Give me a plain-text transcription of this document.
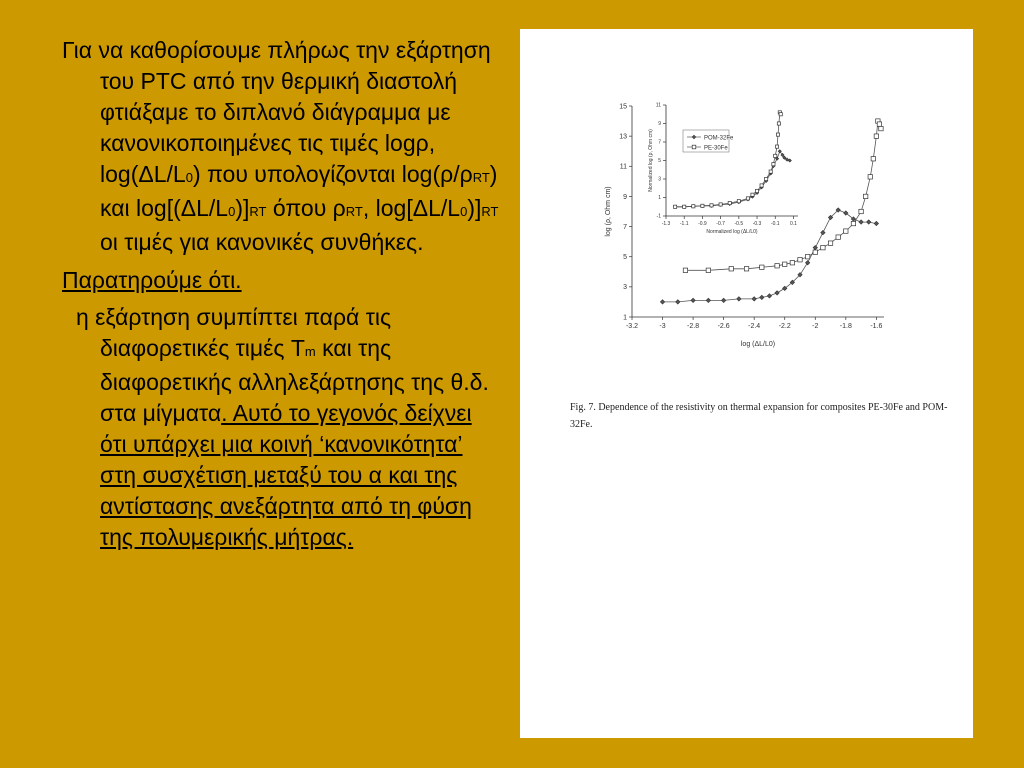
Για να καθορίσουμε πλήρως την εξάρτηση του PTC από την θερμική διαστολή φτιάξαμε το διπλανό διάγραμμα με κανονικοποιημένες τις τιμές logρ, log(ΔL/L0) που υπολογίζονται log(ρ/ρRT) και log[(ΔL/L0)]RT όπου ρRT, log[ΔL/L0)]RT οι τιμές για κανονικές συνθήκες.

Παρατηρούμε ότι.

η εξάρτηση συμπίπτει παρά τις διαφορετικές τιμές Tm και της διαφορετικής αλληλεξάρτησης της θ.δ. στα μίγματα. Αυτό το γεγονός δείχνει ότι υπάρχει μια κοινή ‘κανονικότητα’ στη συσχέτιση μεταξύ του α και της αντίστασης ανεξάρτητα από τη φύση της πολυμερικής μήτρας.

-3.2	-3	-2.8	-2.6	-2.4	-2.2	-2	-1.8	-1.6
1
3
5
7
9
11
13
15
log (ΔL/L0)
log (ρ, Ohm cm)	-1.3 -1.1 -0.9 -0.7 -0.5 -0.3 -0.1 0.1
-1
1
3
5
7
9
11
Normalized log (ΔL/L0)
Normalized log (ρ, Ohm cm)	POM-32Fe
PE-30Fe
Fig. 7. Dependence of the resistivity on thermal expansion for composites PE-30Fe and POM-32Fe.
